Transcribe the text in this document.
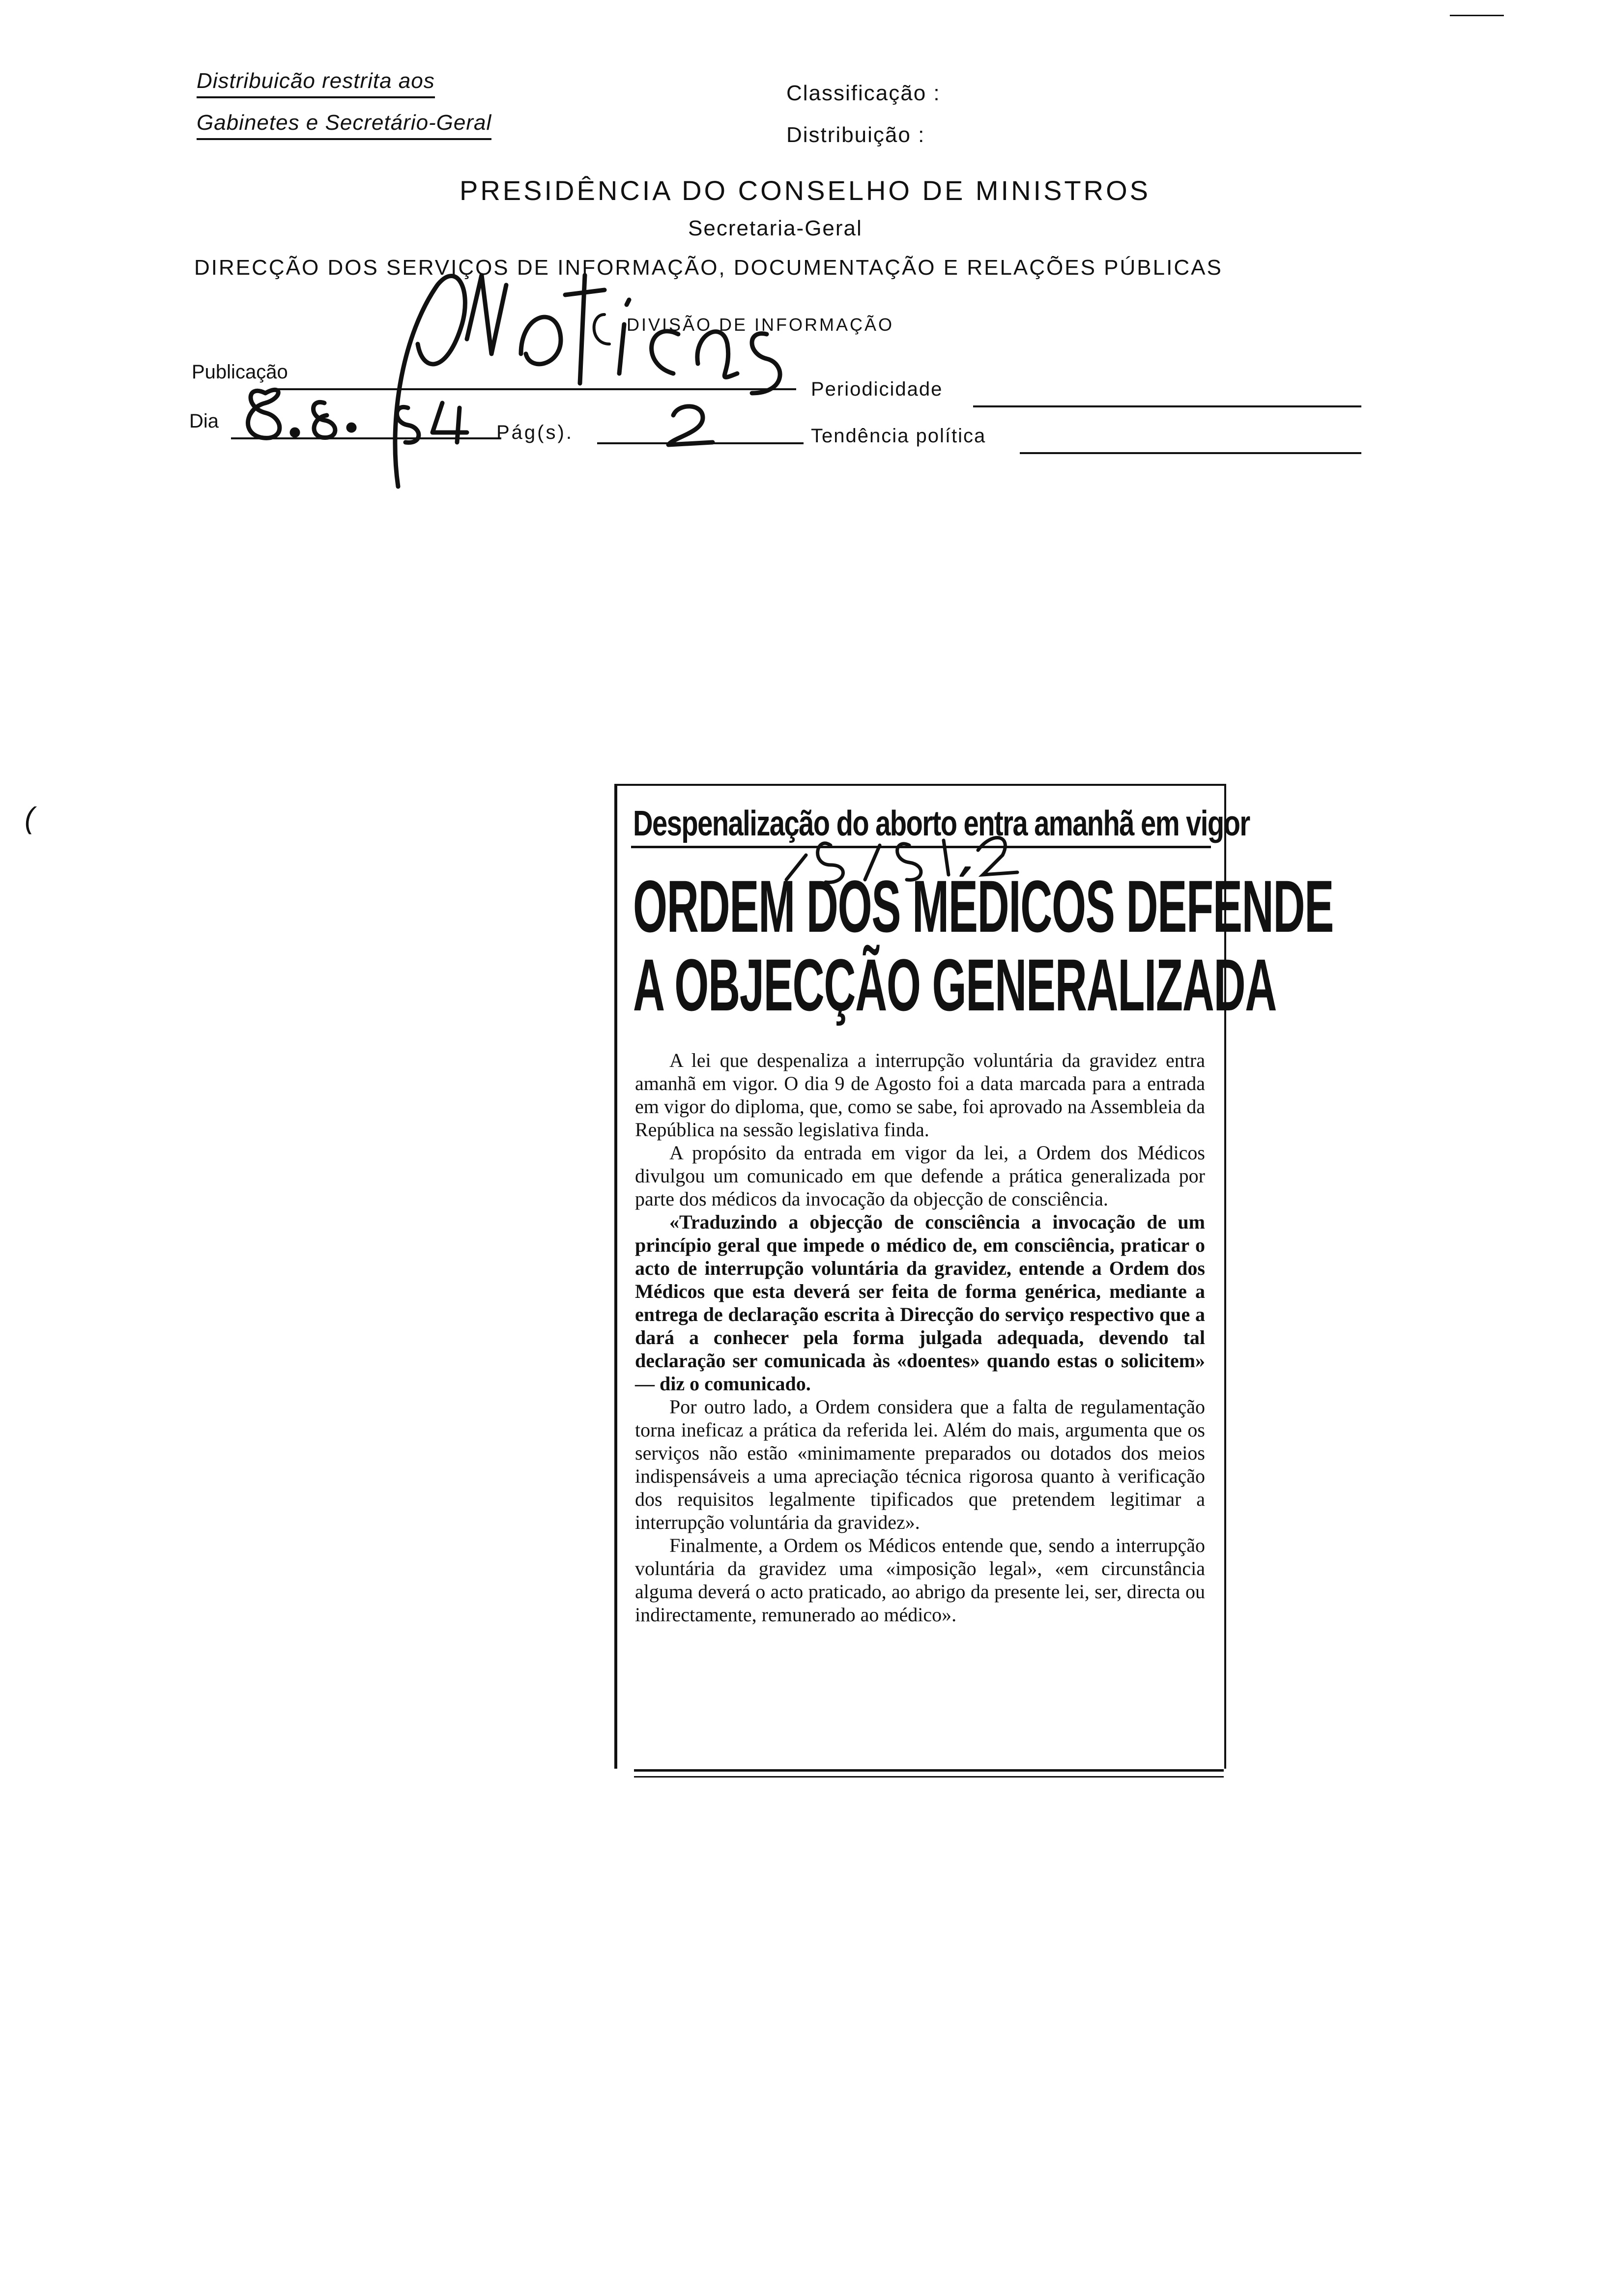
Distribuicão restrita aos
Gabinetes e Secretário-Geral
Classificação :
Distribuição :
PRESIDÊNCIA DO CONSELHO DE MINISTROS
Secretaria-Geral
DIRECÇÃO DOS SERVIÇOS DE INFORMAÇÃO, DOCUMENTAÇÃO E RELAÇÕES PÚBLICAS
DIVISÃO DE INFORMAÇÃO
Publicação
Periodicidade
Dia
Pág(s).	Tendência política
Despenalização do aborto entra amanhã em vigor
ORDEM DOS MÉDICOS DEFENDE
A OBJECÇÃO GENERALIZADA

A lei que despenaliza a interrupção voluntária da gravidez entra amanhã em vigor. O dia 9 de Agosto foi a data marcada para a entrada em vigor do diploma, que, como se sabe, foi aprovado na Assembleia da República na sessão legislativa finda.

A propósito da entrada em vigor da lei, a Ordem dos Médicos divulgou um comunicado em que defende a prática generalizada por parte dos médicos da invocação da objecção de consciência.

«Traduzindo a objecção de consciência a invocação de um princípio geral que impede o médico de, em consciência, praticar o acto de interrupção voluntária da gravidez, entende a Ordem dos Médicos que esta deverá ser feita de forma genérica, mediante a entrega de declaração escrita à Direcção do serviço respectivo que a dará a conhecer pela forma julgada adequada, devendo tal declaração ser comunicada às «doentes» quando estas o solicitem» — diz o comunicado.

Por outro lado, a Ordem considera que a falta de regulamentação torna ineficaz a prática da referida lei. Além do mais, argumenta que os serviços não estão «minimamente preparados ou dotados dos meios indispensáveis a uma apreciação técnica rigorosa quanto à verificação dos requisitos legalmente tipificados que pretendem legitimar a interrupção voluntária da gravidez».

Finalmente, a Ordem os Médicos entende que, sendo a interrupção voluntária da gravidez uma «imposição legal», «em circunstância alguma deverá o acto praticado, ao abrigo da presente lei, ser, directa ou indirectamente, remunerado ao médico».

(
